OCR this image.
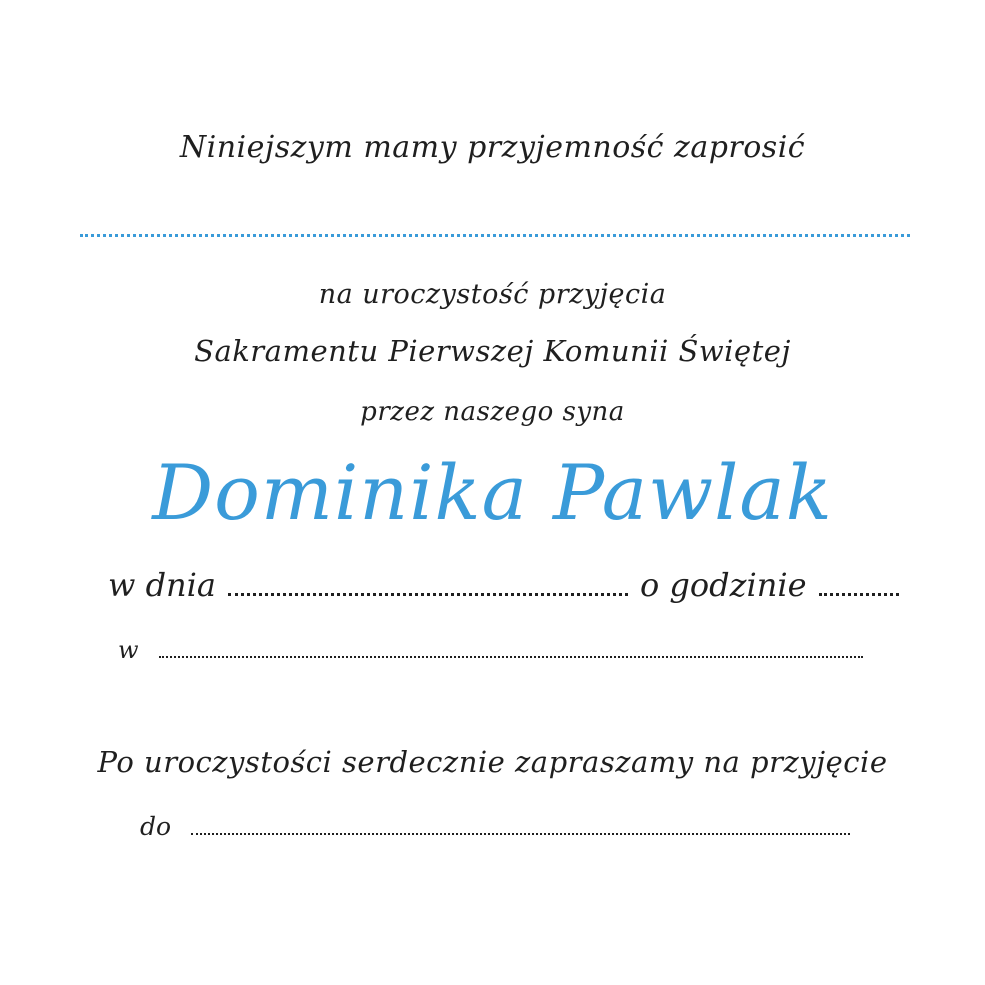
Niniejszym mamy przyjemność zaprosić
na uroczystość przyjęcia
Sakramentu Pierwszej Komunii Świętej
przez naszego syna
Dominika Pawlak
w dnia	o godzinie
w
Po uroczystości serdecznie zapraszamy na przyjęcie
do
